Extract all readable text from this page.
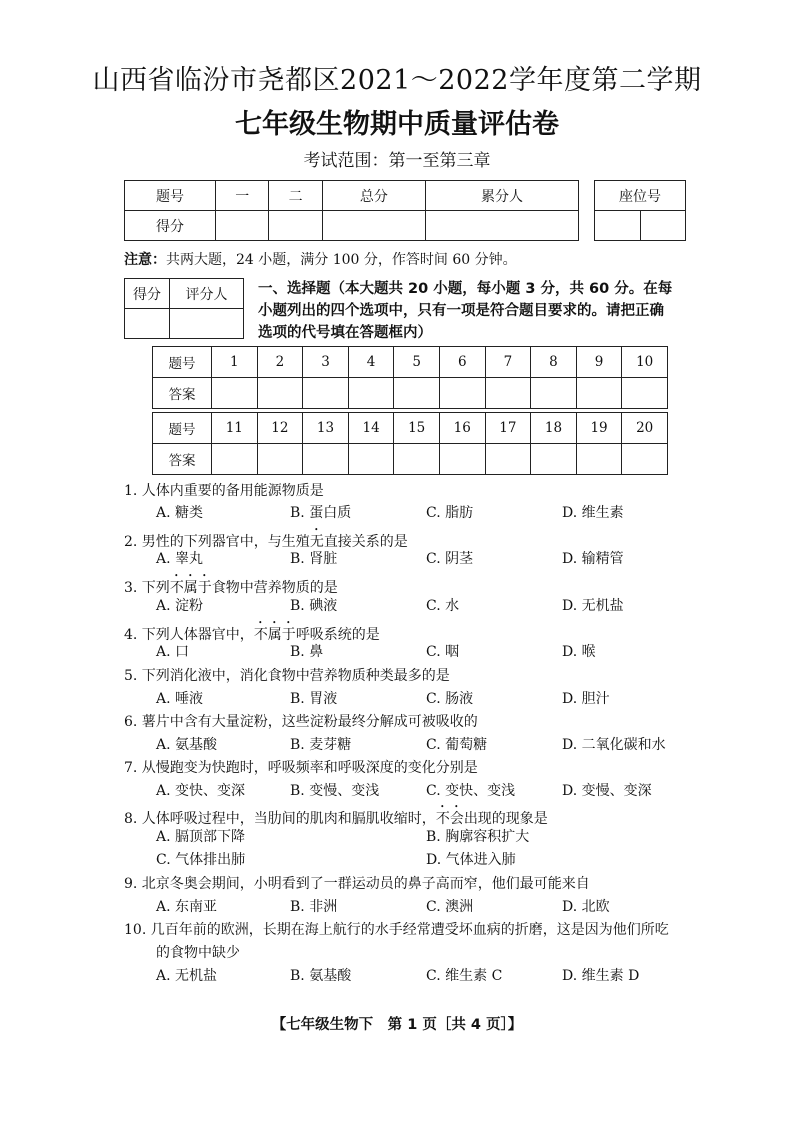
山西省临汾市尧都区2021～2022学年度第二学期
七年级生物期中质量评估卷
考试范围：第一至第三章
题号	一	二	总分	累分人
得分				
座位号

注意：共两大题，24 小题，满分 100 分，作答时间 60 分钟。
得分	评分人
	一、选择题（本大题共 20 小题，每小题 3 分，共 60 分。在每小题列出的四个选项中，只有一项是符合题目要求的。请把正确选项的代号填在答题框内）
题号	1	2	3	4	5	6	7	8	9	10
答案										

题号	11	12	13	14	15	16	17	18	19	20
答案										
1. 人体内重要的备用能源物质是
A. 糖类	B. 蛋白质	C. 脂肪	D. 维生素
2. 男性的下列器官中，与生殖无直接关系的是
A. 睾丸	B. 肾脏	C. 阴茎	D. 输精管
3. 下列不属于食物中营养物质的是
A. 淀粉	B. 碘液	C. 水	D. 无机盐
4. 下列人体器官中，不属于呼吸系统的是
A. 口	B. 鼻	C. 咽	D. 喉
5. 下列消化液中，消化食物中营养物质种类最多的是
A. 唾液	B. 胃液	C. 肠液	D. 胆汁
6. 薯片中含有大量淀粉，这些淀粉最终分解成可被吸收的
A. 氨基酸	B. 麦芽糖	C. 葡萄糖	D. 二氧化碳和水
7. 从慢跑变为快跑时，呼吸频率和呼吸深度的变化分别是
A. 变快、变深	B. 变慢、变浅	C. 变快、变浅	D. 变慢、变深
8. 人体呼吸过程中，当肋间的肌肉和膈肌收缩时，不会出现的现象是
A. 膈顶部下降	B. 胸廓容积扩大
C. 气体排出肺	D. 气体进入肺
9. 北京冬奥会期间，小明看到了一群运动员的鼻子高而窄，他们最可能来自
A. 东南亚	B. 非洲	C. 澳洲	D. 北欧
10. 几百年前的欧洲，长期在海上航行的水手经常遭受坏血病的折磨，这是因为他们所吃
的食物中缺少
A. 无机盐	B. 氨基酸	C. 维生素 C	D. 维生素 D
【七年级生物下　第 1 页［共 4 页］】
